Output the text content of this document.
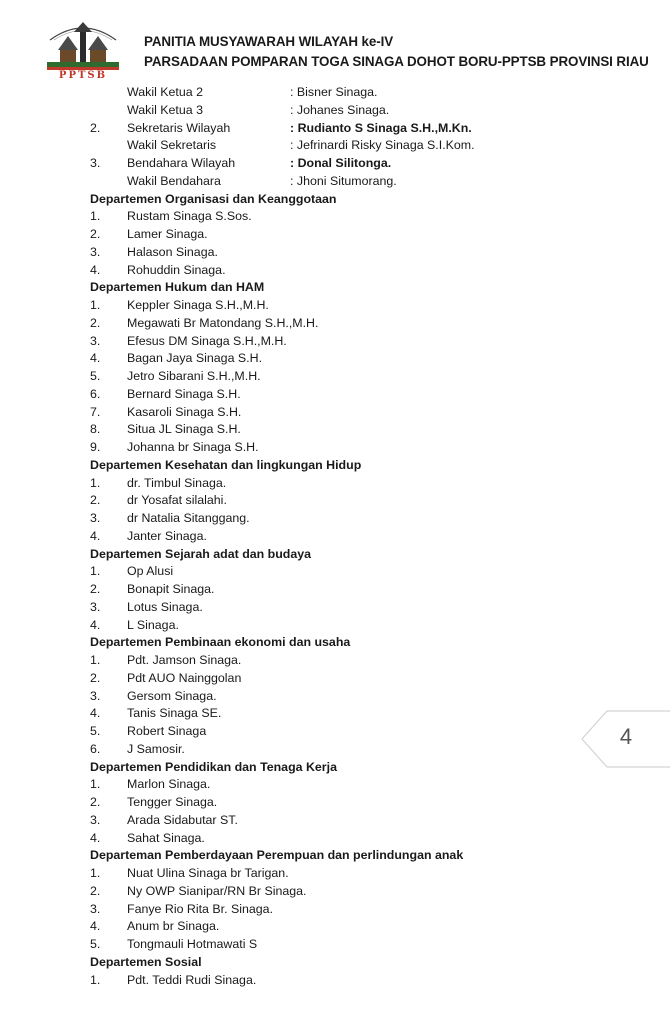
PPTSB
PANITIA MUSYAWARAH WILAYAH ke-IV
PARSADAAN POMPARAN TOGA SINAGA DOHOT BORU-PPTSB PROVINSI RIAU
Wakil Ketua 2	: Bisner Sinaga.
Wakil Ketua 3	: Johanes Sinaga.
2. Sekretaris Wilayah	: Rudianto S Sinaga S.H.,M.Kn.
Wakil Sekretaris	: Jefrinardi Risky Sinaga S.I.Kom.
3. Bendahara Wilayah	: Donal Silitonga.
Wakil Bendahara	: Jhoni Situmorang.
Departemen Organisasi dan Keanggotaan
1. Rustam Sinaga S.Sos.
2. Lamer Sinaga.
3. Halason Sinaga.
4. Rohuddin Sinaga.
Departemen Hukum dan HAM
1. Keppler Sinaga S.H.,M.H.
2. Megawati Br Matondang S.H.,M.H.
3. Efesus DM Sinaga S.H.,M.H.
4. Bagan Jaya Sinaga S.H.
5. Jetro Sibarani S.H.,M.H.
6. Bernard Sinaga S.H.
7. Kasaroli Sinaga S.H.
8. Situa JL Sinaga S.H.
9. Johanna br Sinaga S.H.
Departemen Kesehatan dan lingkungan Hidup
1. dr. Timbul Sinaga.
2. dr Yosafat silalahi.
3. dr Natalia Sitanggang.
4. Janter Sinaga.
Departemen Sejarah adat dan budaya
1. Op Alusi
2. Bonapit Sinaga.
3. Lotus Sinaga.
4. L Sinaga.
Departemen Pembinaan ekonomi dan usaha
1. Pdt. Jamson Sinaga.
2. Pdt AUO Nainggolan
3. Gersom Sinaga.
4. Tanis Sinaga SE.
5. Robert Sinaga
6. J Samosir.
Departemen Pendidikan dan Tenaga Kerja
1. Marlon Sinaga.
2. Tengger Sinaga.
3. Arada Sidabutar ST.
4. Sahat Sinaga.
Departeman Pemberdayaan Perempuan dan perlindungan anak
1. Nuat Ulina Sinaga br Tarigan.
2. Ny OWP Sianipar/RN Br Sinaga.
3. Fanye Rio Rita Br. Sinaga.
4. Anum br Sinaga.
5. Tongmauli Hotmawati S
Departemen Sosial
1. Pdt. Teddi Rudi Sinaga.
4
